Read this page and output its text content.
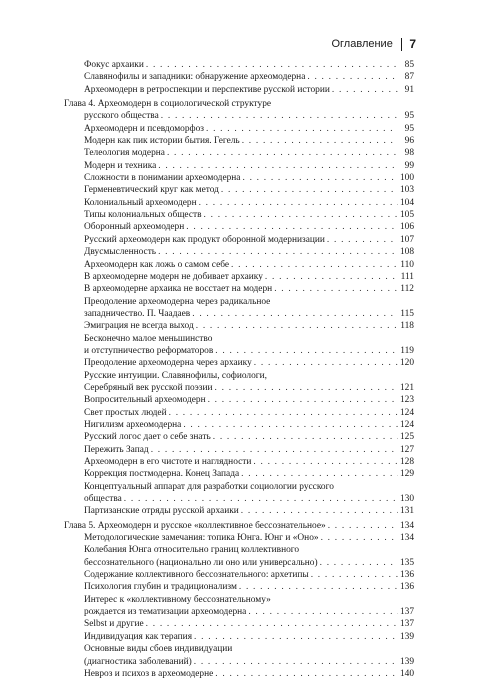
Оглавление 7
Фокус архаики . . .	85
Славянофилы и западники: обнаружение археомодерна . . .	87
Археомодерн в ретроспекции и перспективе русской истории . . .	91
Глава 4. Археомодерн в социологической структуре
русского общества . . .	95
Археомодерн и псевдоморфоз . . .	95
Модерн как пик истории бытия. Гегель . . .	96
Телеология модерна . . .	98
Модерн и техника . . .	99
Сложности в понимании археомодерна . . .	100
Герменевтический круг как метод . . .	103
Колониальный археомодерн . . .	104
Типы колониальных обществ . . .	105
Оборонный археомодерн . . .	106
Русский археомодерн как продукт оборонной модернизации . . .	107
Двусмысленность . . .	108
Археомодерн как ложь о самом себе . . .	110
В археомодерне модерн не добивает архаику . . .	111
В археомодерне архаика не восстает на модерн . . .	112
Преодоление археомодерна через радикальное
западничество. П. Чаадаев . . .	115
Эмиграция не всегда выход . . .	118
Бесконечно малое меньшинство
и отступничество реформаторов . . .	119
Преодоление археомодерна через архаику . . .	120
Русские интуиции. Славянофилы, софиологи,
Серебряный век русской поэзии . . .	121
Вопросительный археомодерн . . .	123
Свет простых людей . . .	124
Нигилизм археомодерна . . .	124
Русский логос дает о себе знать . . .	125
Пережить Запад . . .	127
Археомодерн в его чистоте и наглядности . . .	128
Коррекция постмодерна. Конец Запада . . .	129
Концептуальный аппарат для разработки социологии русского
общества . . .	130
Партизанские отряды русской архаики . . .	131
Глава 5. Археомодерн и русское «коллективное бессознательное» . . .	134
Методологические замечания: топика Юнга. Юнг и «Оно» . . .	134
Колебания Юнга относительно границ коллективного
бессознательного (национально ли оно или универсально) . . .	135
Содержание коллективного бессознательного: архетипы . . .	136
Психология глубин и традиционализм . . .	136
Интерес к «коллективному бессознательному»
рождается из тематизации археомодерна . . .	137
Selbst и другие . . .	137
Индивидуация как терапия . . .	139
Основные виды сбоев индивидуации
(диагностика заболеваний) . . .	139
Невроз и психоз в археомодерне . . .	140
